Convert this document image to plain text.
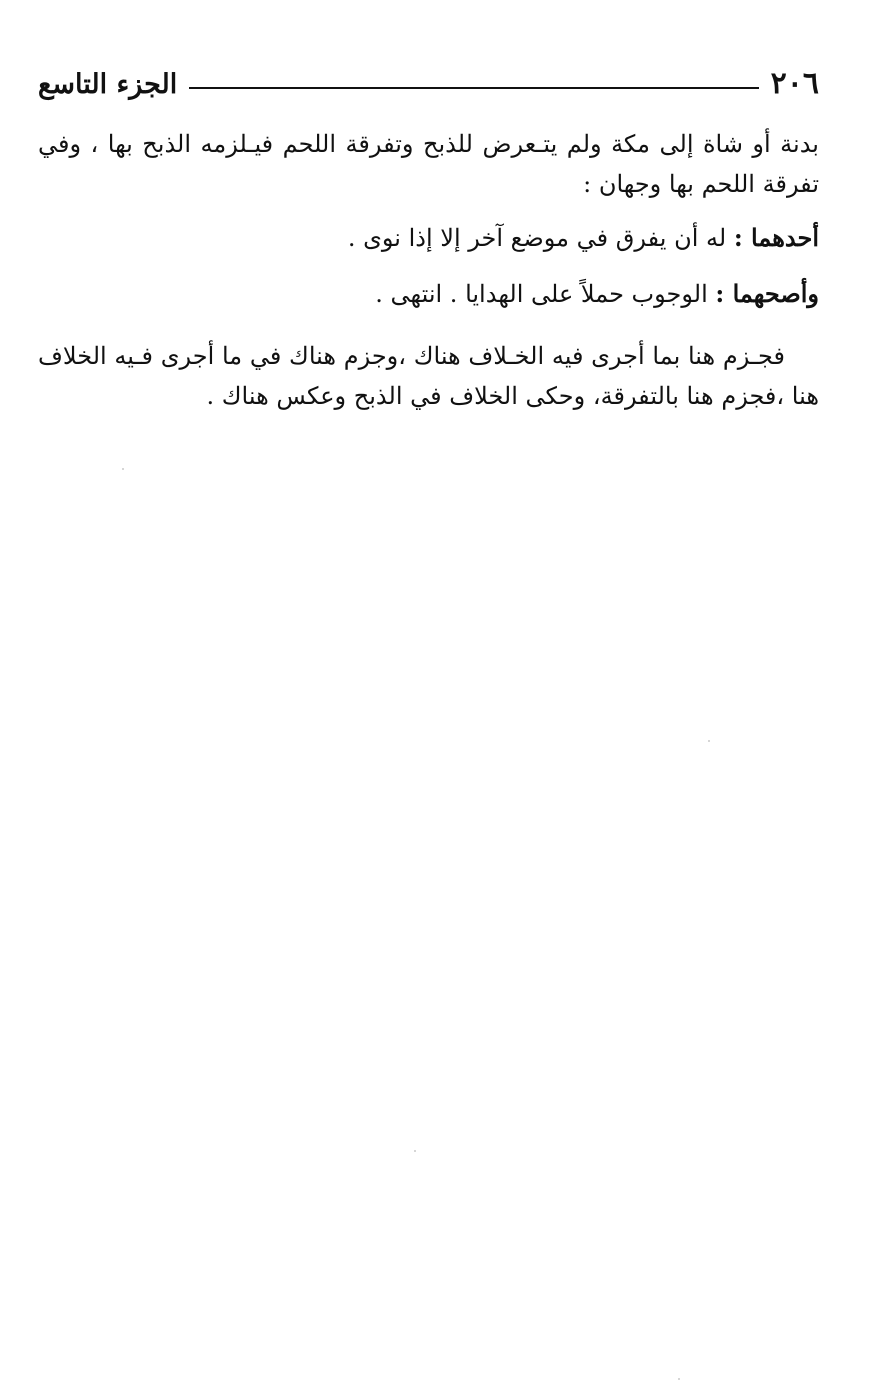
٢٠٦
الجزء التاسع

بدنة أو شاة إلى مكة ولم يتـعرض للذبح وتفرقة اللحم فيـلزمه الذبح بها ، وفي تفرقة اللحم بها وجهان :

أحدهما : له أن يفرق في موضع آخر إلا إذا نوى .

وأصحهما : الوجوب حملاً على الهدايا . انتهى .

فجـزم هنا بما أجرى فيه الخـلاف هناك ،وجزم هناك في ما أجرى فـيه الخلاف هنا ،فجزم هنا بالتفرقة، وحكى الخلاف في الذبح وعكس هناك .
